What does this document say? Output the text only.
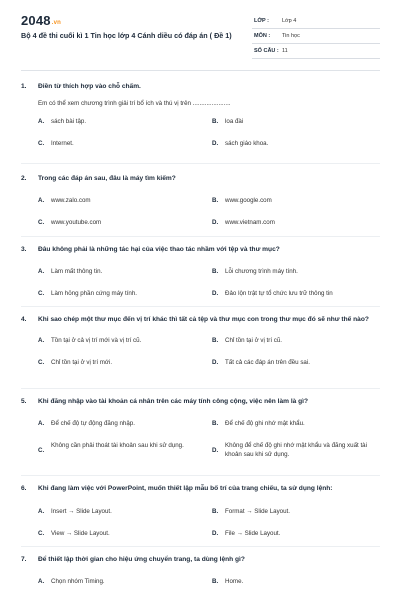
2048.vn
Bộ 4 đề thi cuối kì 1 Tin học lớp 4 Cánh diều có đáp án ( Đề 1)
LỚP : Lớp 4
MÔN : Tin học
SỐ CÂU : 11
1.	Điền từ thích hợp vào chỗ chấm.
Em có thể xem chương trình giải trí bổ ích và thú vị trên ......................
A. sách bài tập.	B. loa đài
C. Internet.	D. sách giáo khoa.
2.	Trong các đáp án sau, đâu là máy tìm kiếm?
A. www.zalo.com	B. www.google.com
C. www.youtube.com	D. www.vietnam.com
3.	Đâu không phải là những tác hại của việc thao tác nhầm với tệp và thư mục?
A. Làm mất thông tin.	B. Lỗi chương trình máy tính.
C. Làm hỏng phần cứng máy tính.	D. Đảo lộn trật tự tổ chức lưu trữ thông tin
4.	Khi sao chép một thư mục đến vị trí khác thì tất cả tệp và thư mục con trong thư mục đó sẽ như thế nào?
A. Tồn tại ở cả vị trí mới và vị trí cũ.	B. Chỉ tồn tại ở vị trí cũ.
C. Chỉ tồn tại ở vị trí mới.	D. Tất cả các đáp án trên đều sai.
5.	Khi đăng nhập vào tài khoản cá nhân trên các máy tính công cộng, việc nên làm là gì?
A. Để chế độ tự động đăng nhập.	B. Để chế độ ghi nhớ mật khẩu.
C.
Không cần phải thoát tài khoản sau khi sử dụng.
D.
Không để chế độ ghi nhớ mật khẩu và đăng xuất tài khoản sau khi sử dụng.
6.	Khi đang làm việc với PowerPoint, muốn thiết lập mẫu bố trí của trang chiếu, ta sử dụng lệnh:
A. Insert → Slide Layout.	B. Format → Slide Layout.
C. View → Slide Layout.	D. File → Slide Layout.
7.	Để thiết lập thời gian cho hiệu ứng chuyển trang, ta dùng lệnh gì?
A. Chọn nhóm Timing.	B. Home.
